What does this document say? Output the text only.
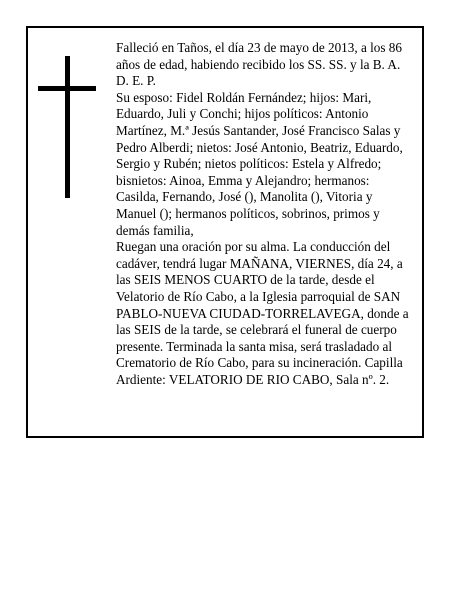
Falleció en Taños, el día 23 de mayo de 2013, a los 86 años de edad, habiendo recibido los SS. SS. y la B. A. D. E. P.

Su esposo: Fidel Roldán Fernández; hijos: Mari, Eduardo, Juli y Conchi; hijos políticos: Antonio Martínez, M.ª Jesús Santander, José Francisco Salas y Pedro Alberdi; nietos: José Antonio, Beatriz, Eduardo, Sergio y Rubén; nietos políticos: Estela y Alfredo; bisnietos: Ainoa, Emma y Alejandro; hermanos: Casilda, Fernando, José (), Manolita (), Vitoria y Manuel (); hermanos políticos, sobrinos, primos y demás familia,

Ruegan una oración por su alma. La conducción del cadáver, tendrá lugar MAÑANA, VIERNES, día 24, a las SEIS MENOS CUARTO de la tarde, desde el Velatorio de Río Cabo, a la Iglesia parroquial de SAN PABLO-NUEVA CIUDAD-TORRELAVEGA, donde a las SEIS de la tarde, se celebrará el funeral de cuerpo presente. Terminada la santa misa, será trasladado al Crematorio de Río Cabo, para su incineración. Capilla Ardiente: VELATORIO DE RIO CABO, Sala nº. 2.
